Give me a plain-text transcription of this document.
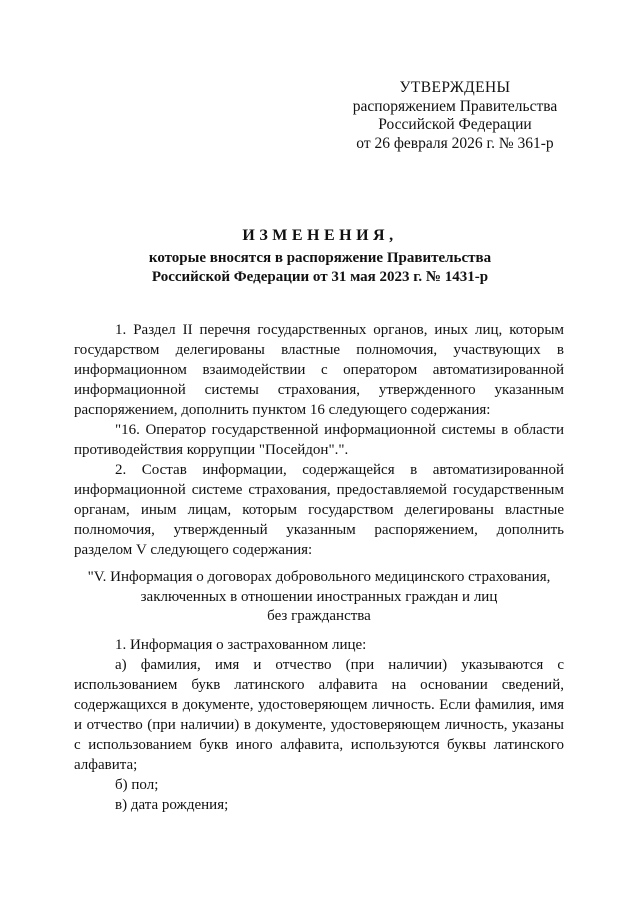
УТВЕРЖДЕНЫ
распоряжением Правительства
Российской Федерации
от 26 февраля 2026 г. № 361-р
ИЗМЕНЕНИЯ,
которые вносятся в распоряжение Правительства
Российской Федерации от 31 мая 2023 г. № 1431-р

1. Раздел II перечня государственных органов, иных лиц, которым государством делегированы властные полномочия, участвующих в информационном взаимодействии с оператором автоматизированной информационной системы страхования, утвержденного указанным распоряжением, дополнить пунктом 16 следующего содержания:

"16. Оператор государственной информационной системы в области противодействия коррупции "Посейдон".".

2. Состав информации, содержащейся в автоматизированной информационной системе страхования, предоставляемой государственным органам, иным лицам, которым государством делегированы властные полномочия, утвержденный указанным распоряжением, дополнить разделом V следующего содержания:

"V. Информация о договорах добровольного медицинского страхования,
заключенных в отношении иностранных граждан и лиц
без гражданства

1. Информация о застрахованном лице:

а) фамилия, имя и отчество (при наличии) указываются с использованием букв латинского алфавита на основании сведений, содержащихся в документе, удостоверяющем личность. Если фамилия, имя и отчество (при наличии) в документе, удостоверяющем личность, указаны с использованием букв иного алфавита, используются буквы латинского алфавита;

б) пол;

в) дата рождения;
